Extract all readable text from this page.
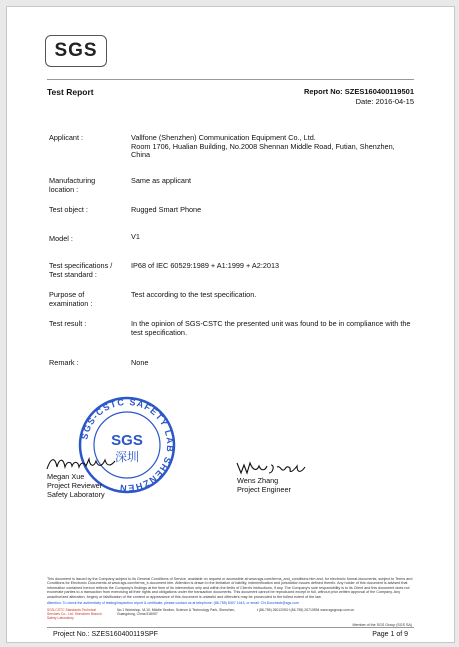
SGS
Test Report	Report No: SZES160400119501
Date: 2016-04-15
Applicant :	Vallfone (Shenzhen) Communication Equipment Co., Ltd.
Room 1706, Hualian Building, No.2008 Shennan Middle Road, Futian, Shenzhen, China
Manufacturing location :
Same as applicant
Test object :	Rugged Smart Phone
Model :	V1
Test specifications / Test standard :
IP68 of IEC 60529:1989 + A1:1999 + A2:2013
Purpose of examination :
Test according to the test specification.
Test result :	In the opinion of SGS-CSTC the presented unit was found to be in compliance with the test specification.
Remark :	None
SGS-CSTC SAFETY LAB SHENZHEN
SGS
深圳
Megan Xue
Project Reviewer
Safety Laboratory
Wens Zhang
Project Engineer
This document is issued by the Company subject to its General Conditions of Service, available on request or accessible at www.sgs.com/terms_and_conditions.htm and, for electronic format documents, subject to Terms and Conditions for Electronic Documents at www.sgs.com/terms_e-document.htm. Attention is drawn to the limitation of liability, indemnification and jurisdiction issues defined therein. Any holder of this document is advised that information contained hereon reflects the Company's findings at the time of its intervention only and within the limits of Client's instructions, if any. The Company's sole responsibility is to its Client and this document does not exonerate parties to a transaction from exercising all their rights and obligations under the transaction documents. This document cannot be reproduced except in full, without prior written approval of the Company. Any unauthorized alteration, forgery or falsification of the content or appearance of this document is unlawful and offenders may be prosecuted to the fullest extent of the law.
Attention: To check the authenticity of testing/inspection report & certificate, please contact us at telephone: (86-755) 8307 1443, or email: CN.Doccheck@sgs.com
SGS-CSTC Standards Technical Services Co., Ltd. Shenzhen Branch Safety Laboratory
No.1 Workshop, M-10, Middle Section, Science & Technology Park, Shenzhen, Guangdong, China 518057
t (86-755) 26012053 f (86-755) 26710594 www.sgsgroup.com.cn
Member of the SGS Group (SGS SA)
Project No.: SZES160400119SPF	Page 1 of 9
